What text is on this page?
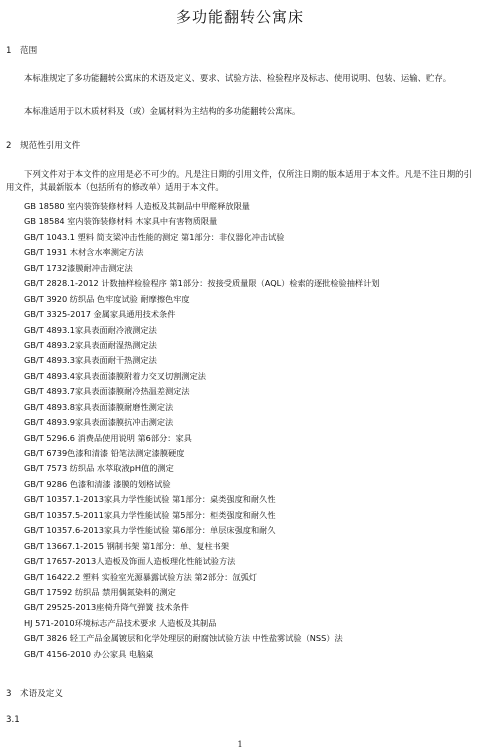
多功能翻转公寓床
1 范围
本标准规定了多功能翻转公寓床的术语及定义、要求、试验方法、检验程序及标志、使用说明、包装、运输、贮存。
本标准适用于以木质材料及（或）金属材料为主结构的多功能翻转公寓床。
2 规范性引用文件
下列文件对于本文件的应用是必不可少的。凡是注日期的引用文件，仅所注日期的版本适用于本文件。凡是不注日期的引用文件，其最新版本（包括所有的修改单）适用于本文件。
GB 18580 室内装饰装修材料 人造板及其制品中甲醛释放限量
GB 18584 室内装饰装修材料 木家具中有害物质限量
GB/T 1043.1 塑料 简支梁冲击性能的测定 第1部分：非仪器化冲击试验
GB/T 1931 木材含水率测定方法
GB/T 1732漆膜耐冲击测定法
GB/T 2828.1-2012 计数抽样检验程序 第1部分：按接受质量限（AQL）检索的逐批检验抽样计划
GB/T 3920 纺织品 色牢度试验 耐摩擦色牢度
GB/T 3325-2017 金属家具通用技术条件
GB/T 4893.1家具表面耐冷液测定法
GB/T 4893.2家具表面耐湿热测定法
GB/T 4893.3家具表面耐干热测定法
GB/T 4893.4家具表面漆膜附着力交叉切割测定法
GB/T 4893.7家具表面漆膜耐冷热温差测定法
GB/T 4893.8家具表面漆膜耐磨性测定法
GB/T 4893.9家具表面漆膜抗冲击测定法
GB/T 5296.6 消费品使用说明 第6部分：家具
GB/T 6739色漆和清漆 铅笔法测定漆膜硬度
GB/T 7573 纺织品 水萃取液pH值的测定
GB/T 9286 色漆和清漆 漆膜的划格试验
GB/T 10357.1-2013家具力学性能试验 第1部分：桌类强度和耐久性
GB/T 10357.5-2011家具力学性能试验 第5部分：柜类强度和耐久性
GB/T 10357.6-2013家具力学性能试验 第6部分：单层床强度和耐久
GB/T 13667.1-2015 钢制书架 第1部分：单、复柱书架
GB/T 17657-2013人造板及饰面人造板理化性能试验方法
GB/T 16422.2 塑料 实验室光源暴露试验方法 第2部分：氙弧灯
GB/T 17592 纺织品 禁用偶氮染料的测定
GB/T 29525-2013座椅升降气弹簧 技术条件
HJ 571-2010环境标志产品技术要求 人造板及其制品
GB/T 3826 轻工产品金属镀层和化学处理层的耐腐蚀试验方法 中性盐雾试验（NSS）法
GB/T 4156-2010 办公家具 电脑桌
3 术语及定义
3.1
1
